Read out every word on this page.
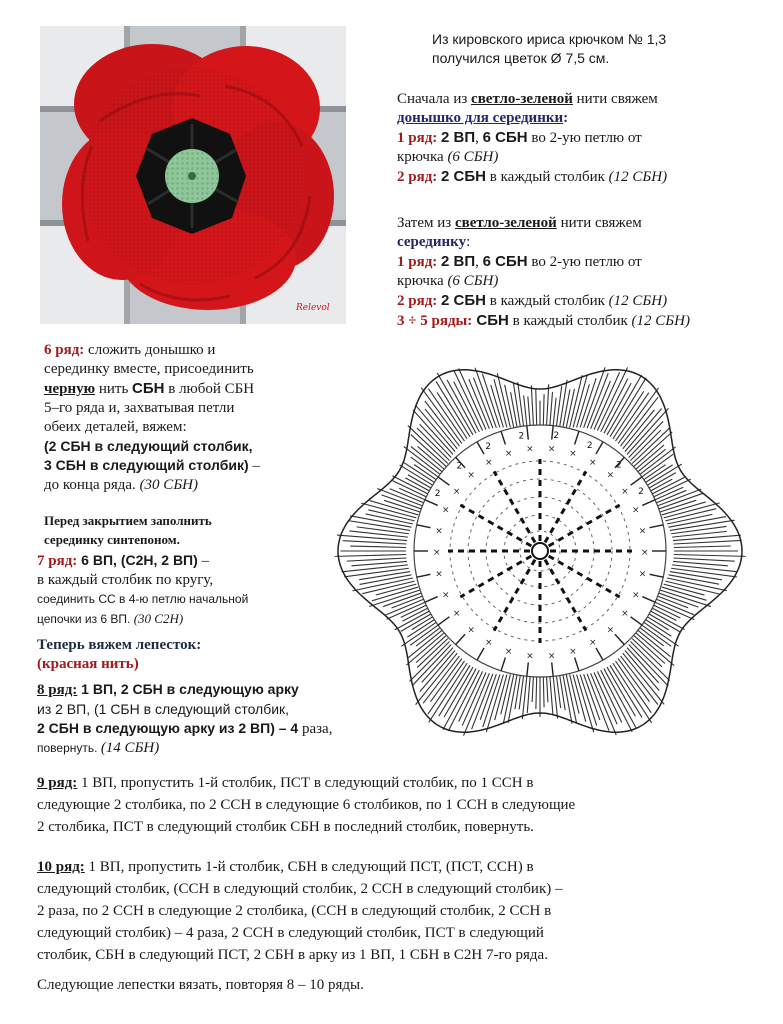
Relevol

Из кировского ириса крючком № 1,3

получился цветок Ø 7,5 см.

Сначала из светло-зеленой нити свяжем

донышко для серединки:

1 ряд: 2 ВП, 6 СБН во 2-ую петлю от

крючка (6 СБН)

2 ряд: 2 СБН в каждый столбик (12 СБН)

Затем из светло-зеленой нити свяжем

серединку:

1 ряд: 2 ВП, 6 СБН во 2-ую петлю от

крючка (6 СБН)

2 ряд: 2 СБН в каждый столбик (12 СБН)

3 ÷ 5 ряды: СБН в каждый столбик (12 СБН)

×
×
×
×
×
×
×
×
×
×
×
×
×
×
×
×
×
×
×
×
×
× × × ×
×
×
×
×
×
2
2
2
2	2
2
2
2

6 ряд: сложить донышко и

серединку вместе, присоединить

черную нить СБН в любой СБН

5–го ряда и, захватывая петли

обеих деталей, вяжем:

(2 СБН в следующий столбик,

3 СБН в следующий столбик) –

до конца ряда. (30 СБН)

Перед закрытием заполнить

серединку синтепоном.

7 ряд: 6 ВП, (С2Н, 2 ВП) –

в каждый столбик по кругу,

соединить СС в 4-ю петлю начальной

цепочки из 6 ВП. (30 С2Н)

Теперь вяжем лепесток:

(красная нить)

8 ряд: 1 ВП, 2 СБН в следующую арку

из 2 ВП, (1 СБН в следующий столбик,

2 СБН в следующую арку из 2 ВП) – 4 раза,

повернуть. (14 СБН)

9 ряд: 1 ВП, пропустить 1-й столбик, ПСТ в следующий столбик, по 1 ССН в

следующие 2 столбика, по 2 ССН в следующие 6 столбиков, по 1 ССН в следующие

2 столбика, ПСТ в следующий столбик СБН в последний столбик, повернуть.

10 ряд: 1 ВП, пропустить 1-й столбик, СБН в следующий ПСТ, (ПСТ, ССН) в

следующий столбик, (ССН в следующий столбик, 2 ССН в следующий столбик) –

2 раза, по 2 ССН в следующие 2 столбика, (ССН в следующий столбик, 2 ССН в

следующий столбик) – 4 раза, 2 ССН в следующий столбик, ПСТ в следующий

столбик, СБН в следующий ПСТ, 2 СБН в арку из 1 ВП, 1 СБН в С2Н 7-го ряда.

Следующие лепестки вязать, повторяя 8 – 10 ряды.
